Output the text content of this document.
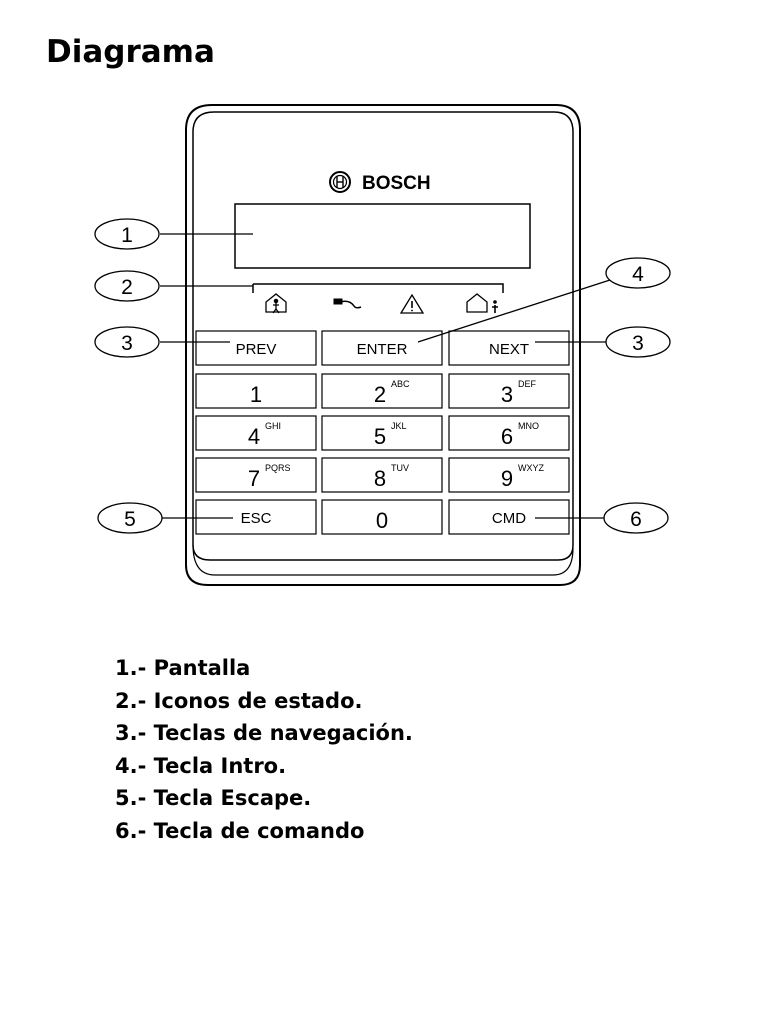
Diagrama
BOSCH
PREV	ENTER	NEXT
1	2 ABC	3 DEF
4 GHI	5 JKL	6 MNO
7 PQRS	8 TUV	9 WXYZ
ESC	0	CMD
1
2
3	3
4
5	6
1.- Pantalla
2.- Iconos de estado.
3.- Teclas de navegación.
4.- Tecla Intro.
5.- Tecla Escape.
6.- Tecla de comando
